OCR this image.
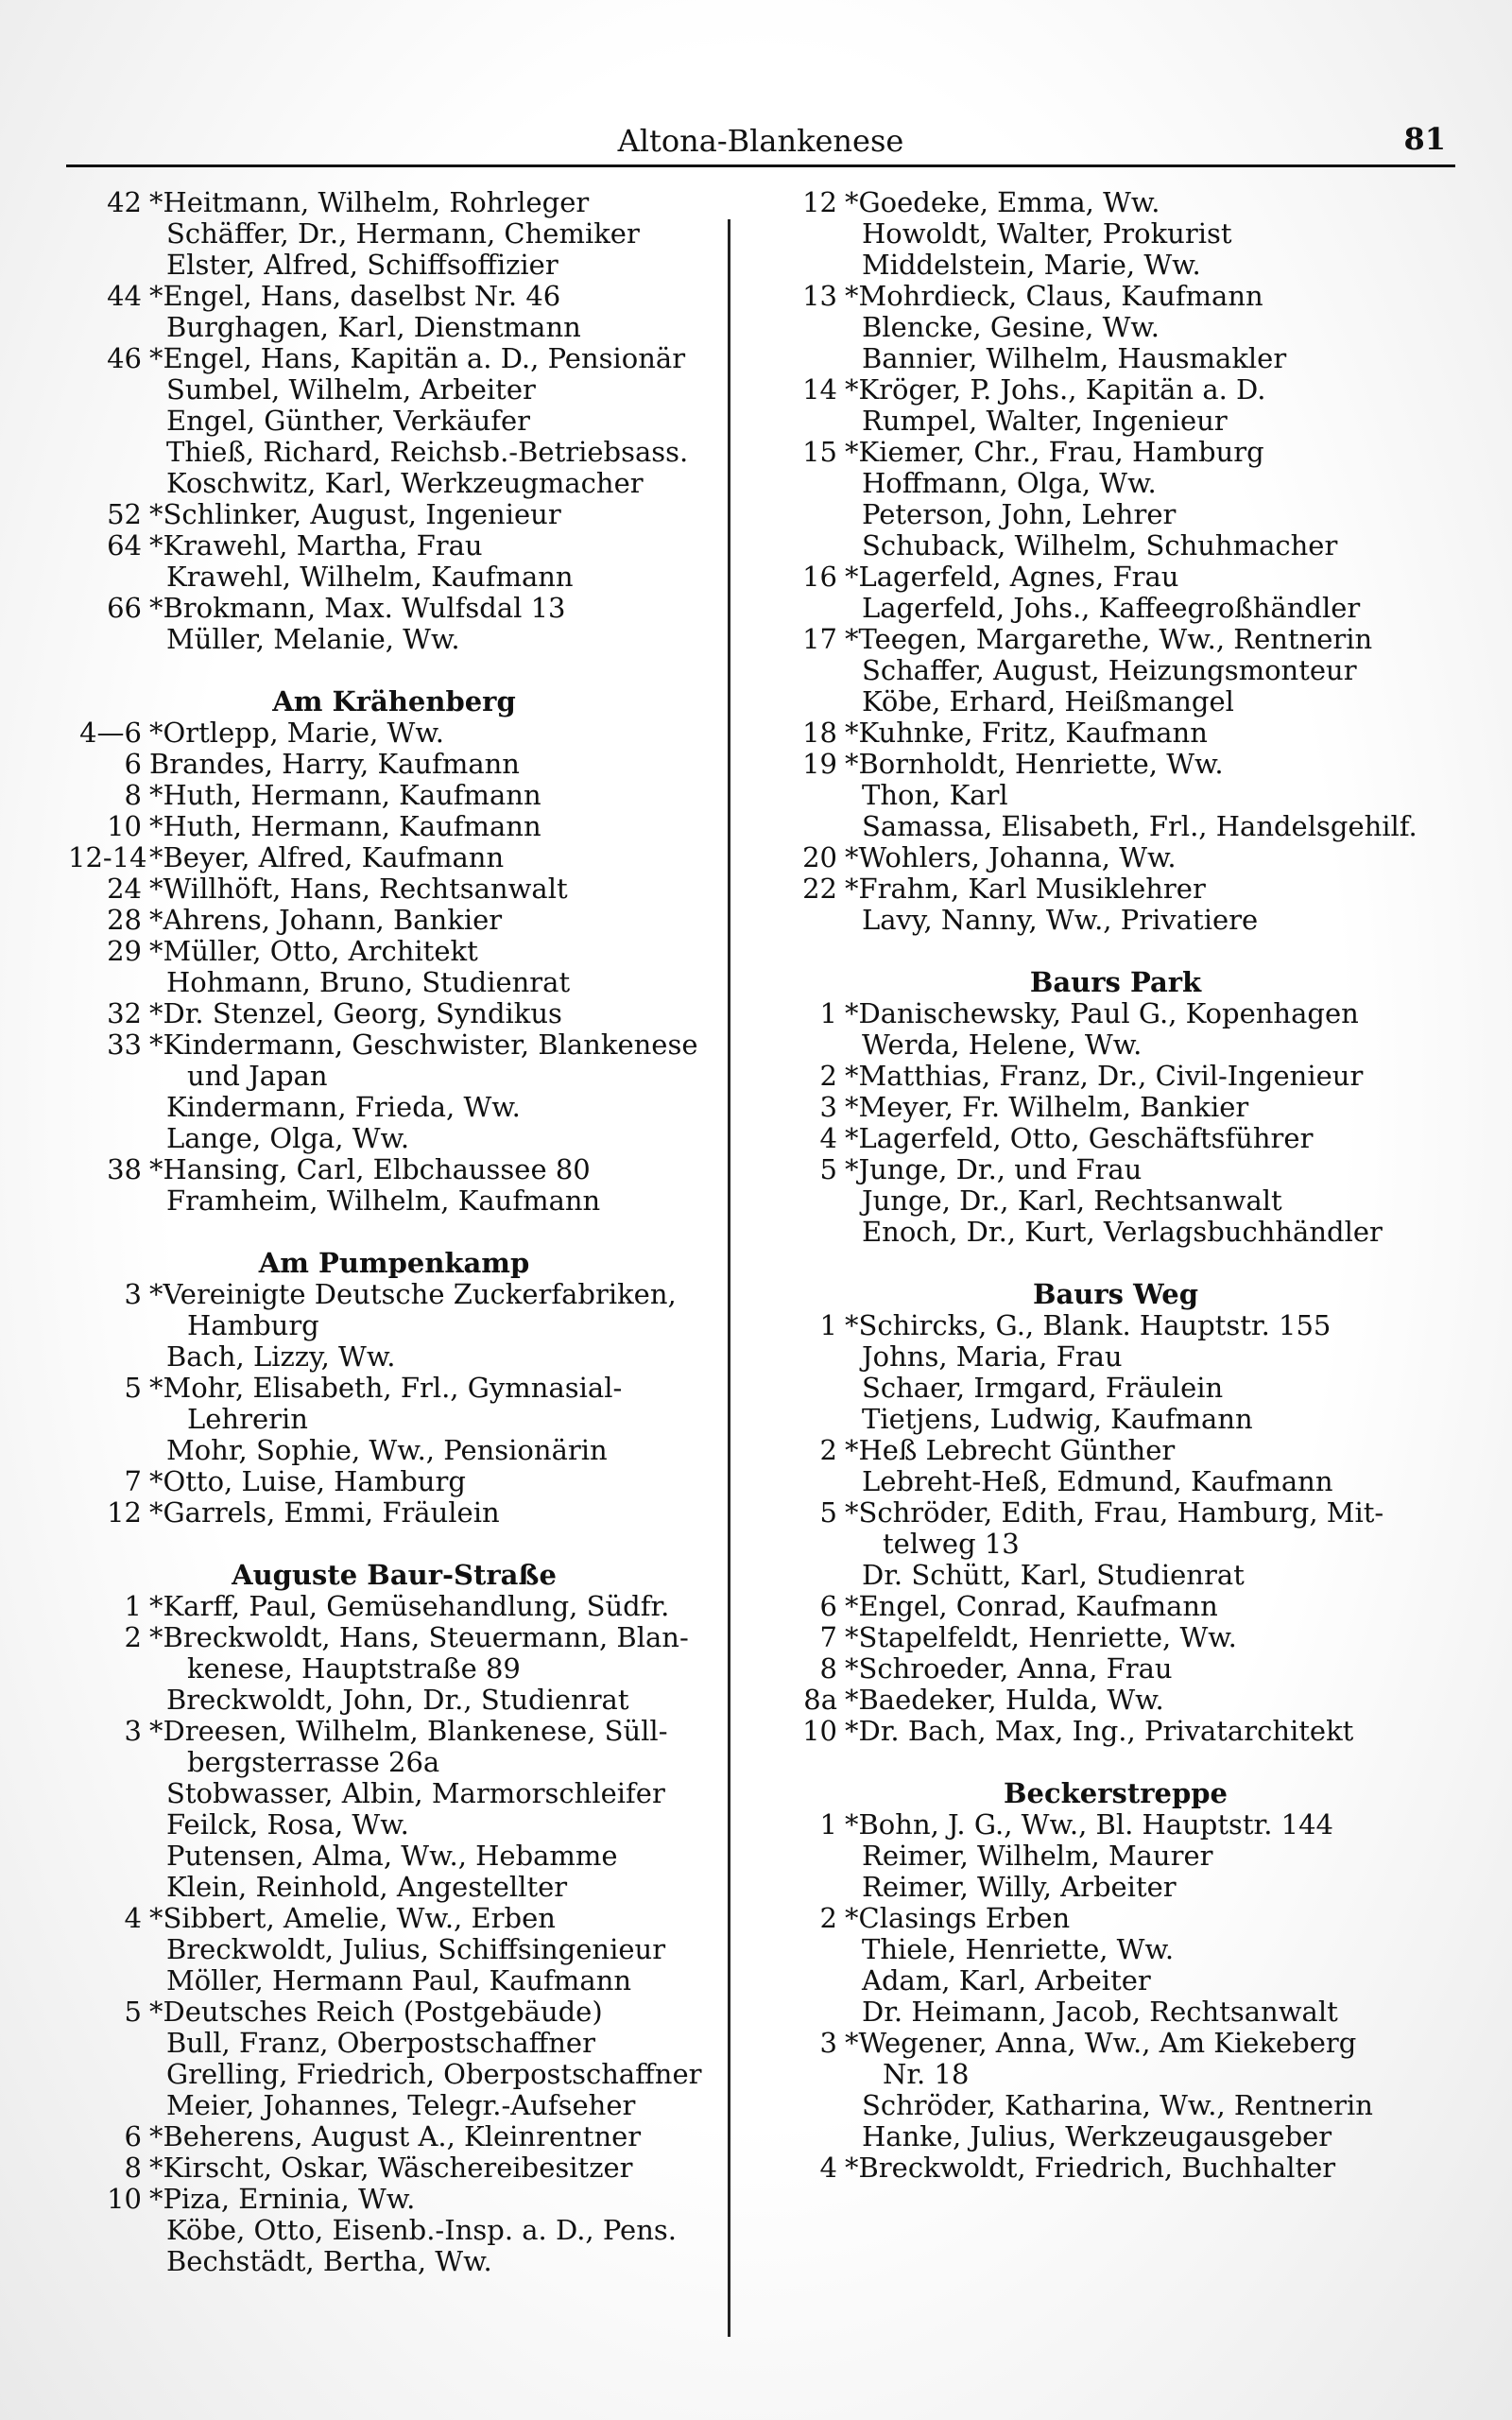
Altona-Blankenese	81
42 *Heitmann, Wilhelm, Rohrleger
Schäffer, Dr., Hermann, Chemiker
Elster, Alfred, Schiffsoffizier
44 *Engel, Hans, daselbst Nr. 46
Burghagen, Karl, Dienstmann
46 *Engel, Hans, Kapitän a. D., Pensionär
Sumbel, Wilhelm, Arbeiter
Engel, Günther, Verkäufer
Thieß, Richard, Reichsb.-Betriebsass.
Koschwitz, Karl, Werkzeugmacher
52 *Schlinker, August, Ingenieur
64 *Krawehl, Martha, Frau
Krawehl, Wilhelm, Kaufmann
66 *Brokmann, Max. Wulfsdal 13
Müller, Melanie, Ww.
Am Krähenberg
4—6 *Ortlepp, Marie, Ww.
6 Brandes, Harry, Kaufmann
8 *Huth, Hermann, Kaufmann
10 *Huth, Hermann, Kaufmann
12-14 *Beyer, Alfred, Kaufmann
24 *Willhöft, Hans, Rechtsanwalt
28 *Ahrens, Johann, Bankier
29 *Müller, Otto, Architekt
Hohmann, Bruno, Studienrat
32 *Dr. Stenzel, Georg, Syndikus
33 *Kindermann, Geschwister, Blankenese
und Japan
Kindermann, Frieda, Ww.
Lange, Olga, Ww.
38 *Hansing, Carl, Elbchaussee 80
Framheim, Wilhelm, Kaufmann
Am Pumpenkamp
3 *Vereinigte Deutsche Zuckerfabriken,
Hamburg
Bach, Lizzy, Ww.
5 *Mohr, Elisabeth, Frl., Gymnasial-
Lehrerin
Mohr, Sophie, Ww., Pensionärin
7 *Otto, Luise, Hamburg
12 *Garrels, Emmi, Fräulein
Auguste Baur-Straße
1 *Karff, Paul, Gemüsehandlung, Südfr.
2 *Breckwoldt, Hans, Steuermann, Blan-
kenese, Hauptstraße 89
Breckwoldt, John, Dr., Studienrat
3 *Dreesen, Wilhelm, Blankenese, Süll-
bergsterrasse 26a
Stobwasser, Albin, Marmorschleifer
Feilck, Rosa, Ww.
Putensen, Alma, Ww., Hebamme
Klein, Reinhold, Angestellter
4 *Sibbert, Amelie, Ww., Erben
Breckwoldt, Julius, Schiffsingenieur
Möller, Hermann Paul, Kaufmann
5 *Deutsches Reich (Postgebäude)
Bull, Franz, Oberpostschaffner
Grelling, Friedrich, Oberpostschaffner
Meier, Johannes, Telegr.-Aufseher
6 *Beherens, August A., Kleinrentner
8 *Kirscht, Oskar, Wäschereibesitzer
10 *Piza, Erninia, Ww.
Köbe, Otto, Eisenb.-Insp. a. D., Pens.
Bechstädt, Bertha, Ww.
12 *Goedeke, Emma, Ww.
Howoldt, Walter, Prokurist
Middelstein, Marie, Ww.
13 *Mohrdieck, Claus, Kaufmann
Blencke, Gesine, Ww.
Bannier, Wilhelm, Hausmakler
14 *Kröger, P. Johs., Kapitän a. D.
Rumpel, Walter, Ingenieur
15 *Kiemer, Chr., Frau, Hamburg
Hoffmann, Olga, Ww.
Peterson, John, Lehrer
Schuback, Wilhelm, Schuhmacher
16 *Lagerfeld, Agnes, Frau
Lagerfeld, Johs., Kaffeegroßhändler
17 *Teegen, Margarethe, Ww., Rentnerin
Schaffer, August, Heizungsmonteur
Köbe, Erhard, Heißmangel
18 *Kuhnke, Fritz, Kaufmann
19 *Bornholdt, Henriette, Ww.
Thon, Karl
Samassa, Elisabeth, Frl., Handelsgehilf.
20 *Wohlers, Johanna, Ww.
22 *Frahm, Karl Musiklehrer
Lavy, Nanny, Ww., Privatiere
Baurs Park
1 *Danischewsky, Paul G., Kopenhagen
Werda, Helene, Ww.
2 *Matthias, Franz, Dr., Civil-Ingenieur
3 *Meyer, Fr. Wilhelm, Bankier
4 *Lagerfeld, Otto, Geschäftsführer
5 *Junge, Dr., und Frau
Junge, Dr., Karl, Rechtsanwalt
Enoch, Dr., Kurt, Verlagsbuchhändler
Baurs Weg
1 *Schircks, G., Blank. Hauptstr. 155
Johns, Maria, Frau
Schaer, Irmgard, Fräulein
Tietjens, Ludwig, Kaufmann
2 *Heß Lebrecht Günther
Lebreht-Heß, Edmund, Kaufmann
5 *Schröder, Edith, Frau, Hamburg, Mit-
telweg 13
Dr. Schütt, Karl, Studienrat
6 *Engel, Conrad, Kaufmann
7 *Stapelfeldt, Henriette, Ww.
8 *Schroeder, Anna, Frau
8a *Baedeker, Hulda, Ww.
10 *Dr. Bach, Max, Ing., Privatarchitekt
Beckerstreppe
1 *Bohn, J. G., Ww., Bl. Hauptstr. 144
Reimer, Wilhelm, Maurer
Reimer, Willy, Arbeiter
2 *Clasings Erben
Thiele, Henriette, Ww.
Adam, Karl, Arbeiter
Dr. Heimann, Jacob, Rechtsanwalt
3 *Wegener, Anna, Ww., Am Kiekeberg
Nr. 18
Schröder, Katharina, Ww., Rentnerin
Hanke, Julius, Werkzeugausgeber
4 *Breckwoldt, Friedrich, Buchhalter
